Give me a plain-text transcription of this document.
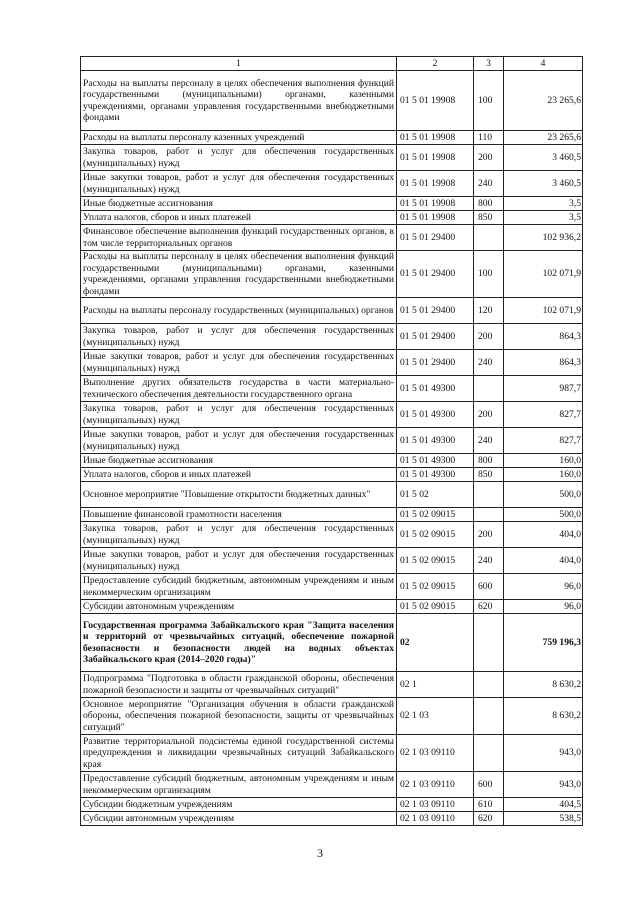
1	2	3	4
Расходы на выплаты персоналу в целях обеспечения выполнения функций государственными (муниципальными) органами, казенными учреждениями, органами управления государственными внебюджетными фондами	01 5 01 19908	100	23 265,6
Расходы на выплаты персоналу казенных учреждений	01 5 01 19908	110	23 265,6
Закупка товаров, работ и услуг для обеспечения государственных (муниципальных) нужд	01 5 01 19908	200	3 460,5
Иные закупки товаров, работ и услуг для обеспечения государственных (муниципальных) нужд	01 5 01 19908	240	3 460,5
Иные бюджетные ассигнования	01 5 01 19908	800	3,5
Уплата налогов, сборов и иных платежей	01 5 01 19908	850	3,5
Финансовое обеспечение выполнения функций государственных органов, в том числе территориальных органов	01 5 01 29400		102 936,2
Расходы на выплаты персоналу в целях обеспечения выполнения функций государственными (муниципальными) органами, казенными учреждениями, органами управления государственными внебюджетными фондами	01 5 01 29400	100	102 071,9
Расходы на выплаты персоналу государственных (муниципальных) органов	01 5 01 29400	120	102 071,9
Закупка товаров, работ и услуг для обеспечения государственных (муниципальных) нужд	01 5 01 29400	200	864,3
Иные закупки товаров, работ и услуг для обеспечения государственных (муниципальных) нужд	01 5 01 29400	240	864,3
Выполнение других обязательств государства в части материально-технического обеспечения деятельности государственного органа	01 5 01 49300		987,7
Закупка товаров, работ и услуг для обеспечения государственных (муниципальных) нужд	01 5 01 49300	200	827,7
Иные закупки товаров, работ и услуг для обеспечения государственных (муниципальных) нужд	01 5 01 49300	240	827,7
Иные бюджетные ассигнования	01 5 01 49300	800	160,0
Уплата налогов, сборов и иных платежей	01 5 01 49300	850	160,0
Основное мероприятие "Повышение открытости бюджетных данных"	01 5 02		500,0
Повышение финансовой грамотности населения	01 5 02 09015		500,0
Закупка товаров, работ и услуг для обеспечения государственных (муниципальных) нужд	01 5 02 09015	200	404,0
Иные закупки товаров, работ и услуг для обеспечения государственных (муниципальных) нужд	01 5 02 09015	240	404,0
Предоставление субсидий бюджетным, автономным учреждениям и иным некоммерческим организациям	01 5 02 09015	600	96,0
Субсидии автономным учреждениям	01 5 02 09015	620	96,0
Государственная программа Забайкальского края "Защита населения и территорий от чрезвычайных ситуаций, обеспечение пожарной безопасности и безопасности людей на водных объектах Забайкальского края (2014–2020 годы)"	02		759 196,3
Подпрограмма "Подготовка в области гражданской обороны, обеспечения пожарной безопасности и защиты от чрезвычайных ситуаций"	02 1		8 630,2
Основное мероприятие "Организация обучения в области гражданской обороны, обеспечения пожарной безопасности, защиты от чрезвычайных ситуаций"	02 1 03		8 630,2
Развитие территориальной подсистемы единой государственной системы предупреждения и ликвидации чрезвычайных ситуаций Забайкальского края	02 1 03 09110		943,0
Предоставление субсидий бюджетным, автономным учреждениям и иным некоммерческим организациям	02 1 03 09110	600	943,0
Субсидии бюджетным учреждениям	02 1 03 09110	610	404,5
Субсидии автономным учреждениям	02 1 03 09110	620	538,5
3
